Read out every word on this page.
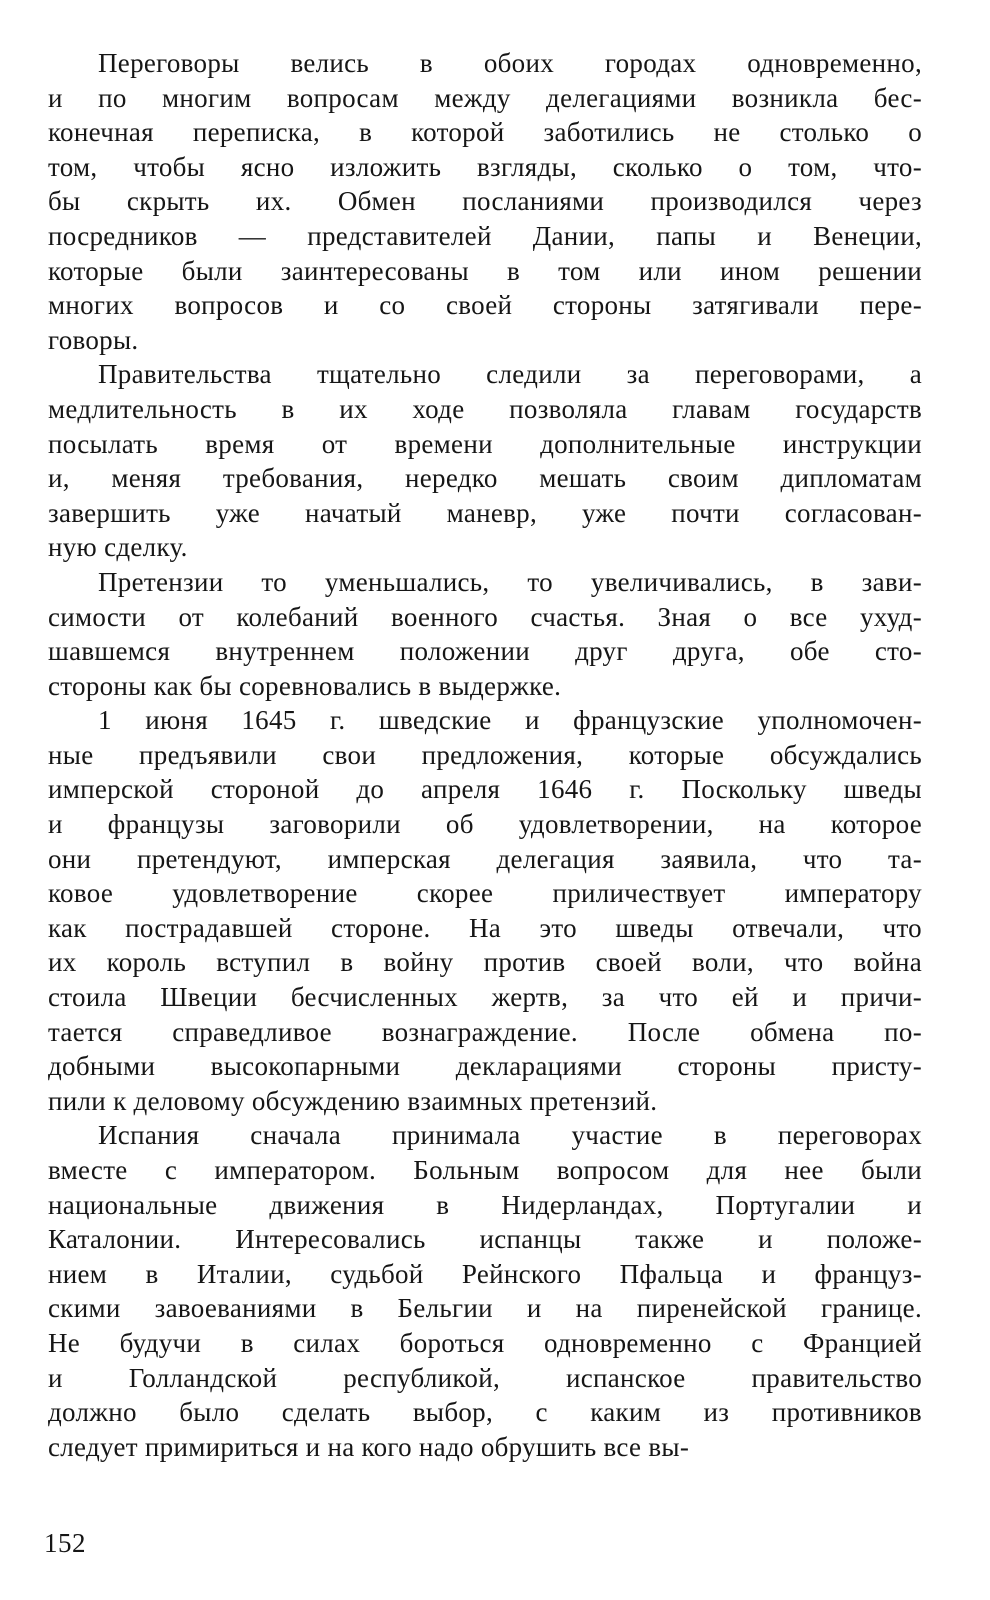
Переговоры велись в обоих городах одновременно,
и по многим вопросам между делегациями возникла бес-
конечная переписка, в которой заботились не столько о
том, чтобы ясно изложить взгляды, сколько о том, что-
бы скрыть их. Обмен посланиями производился через
посредников — представителей Дании, папы и Венеции,
которые были заинтересованы в том или ином решении
многих вопросов и со своей стороны затягивали пере-
говоры.
Правительства тщательно следили за переговорами, а
медлительность в их ходе позволяла главам государств
посылать время от времени дополнительные инструкции
и, меняя требования, нередко мешать своим дипломатам
завершить уже начатый маневр, уже почти согласован-
ную сделку.
Претензии то уменьшались, то увеличивались, в зави-
симости от колебаний военного счастья. Зная о все ухуд-
шавшемся внутреннем положении друг друга, обе сто-
стороны как бы соревновались в выдержке.
1 июня 1645 г. шведские и французские уполномочен-
ные предъявили свои предложения, которые обсуждались
имперской стороной до апреля 1646 г. Поскольку шведы
и французы заговорили об удовлетворении, на которое
они претендуют, имперская делегация заявила, что та-
ковое удовлетворение скорее приличествует императору
как пострадавшей стороне. На это шведы отвечали, что
их король вступил в войну против своей воли, что война
стоила Швеции бесчисленных жертв, за что ей и причи-
тается справедливое вознаграждение. После обмена по-
добными высокопарными декларациями стороны присту-
пили к деловому обсуждению взаимных претензий.
Испания сначала принимала участие в переговорах
вместе с императором. Больным вопросом для нее были
национальные движения в Нидерландах, Португалии и
Каталонии. Интересовались испанцы также и положе-
нием в Италии, судьбой Рейнского Пфальца и француз-
скими завоеваниями в Бельгии и на пиренейской границе.
Не будучи в силах бороться одновременно с Францией
и Голландской республикой, испанское правительство
должно было сделать выбор, с каким из противников
следует примириться и на кого надо обрушить все вы-
152
